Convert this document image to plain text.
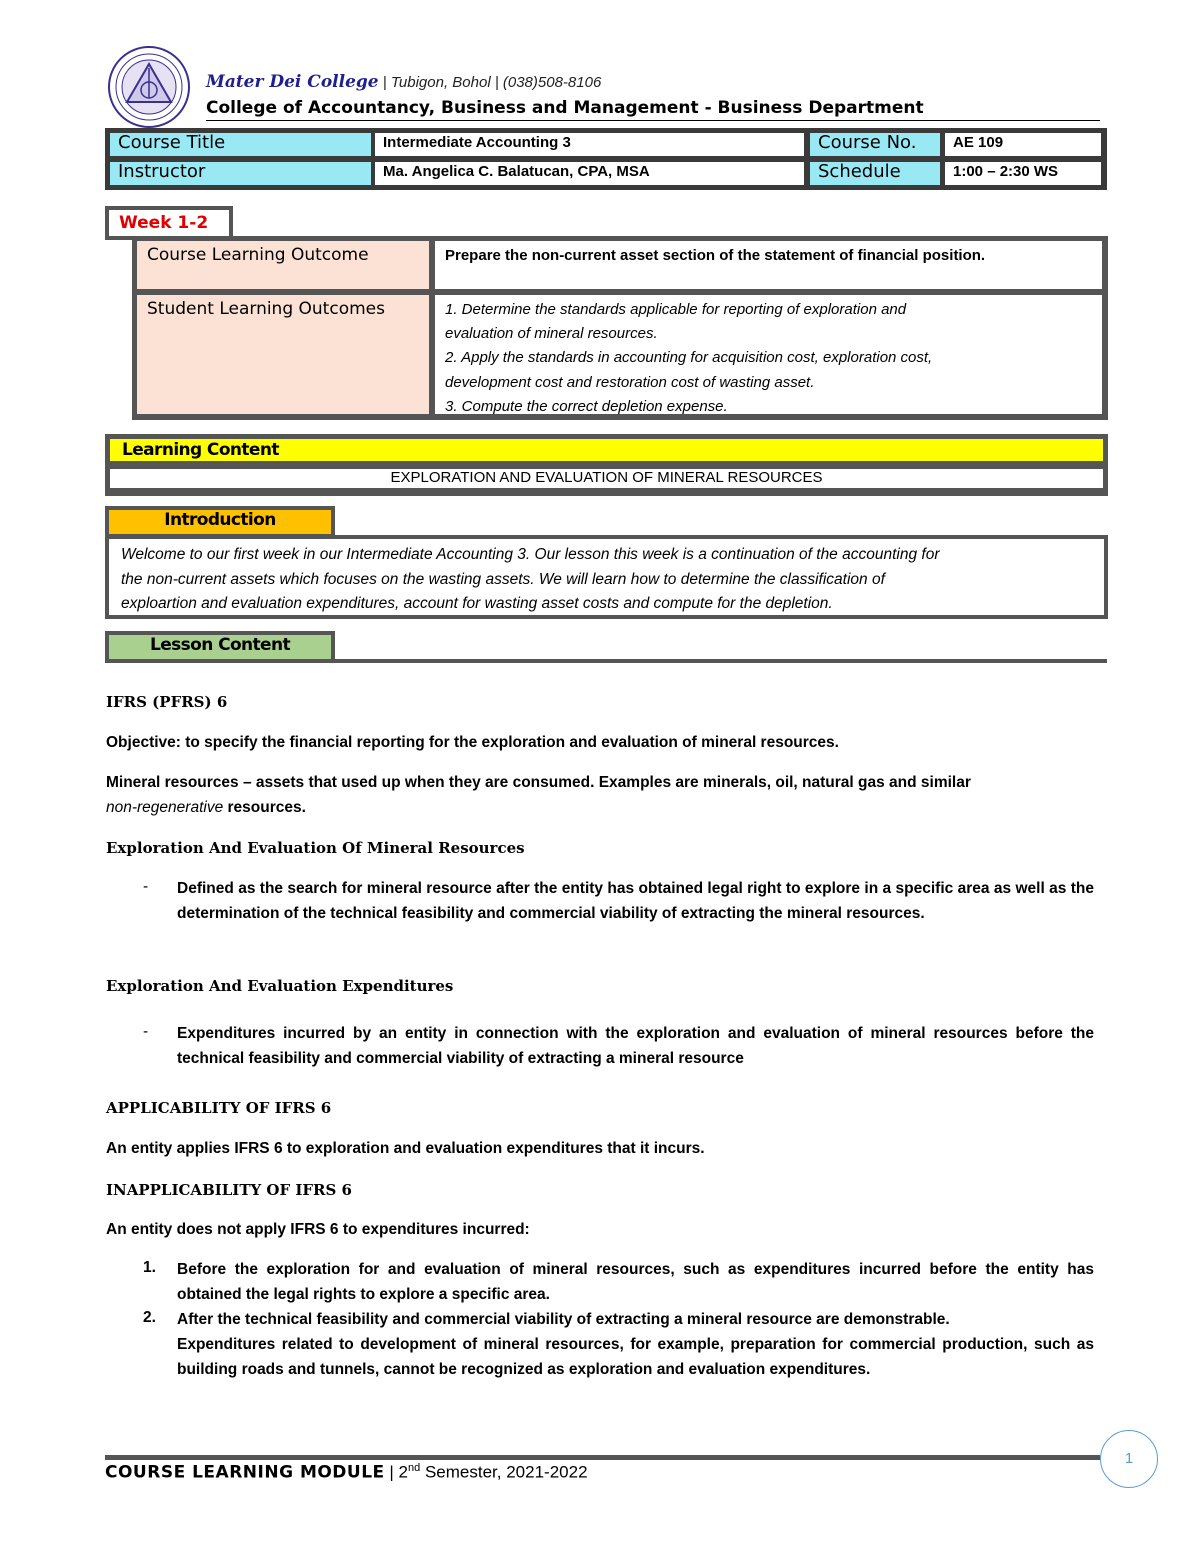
Mater Dei College | Tubigon, Bohol | (038)508-8106
College of Accountancy, Business and Management - Business Department
Course Title	Intermediate Accounting 3	Course No.	AE 109
Instructor	Ma. Angelica C. Balatucan, CPA, MSA	Schedule	1:00 – 2:30 WS
Week 1-2
Course Learning Outcome	Prepare the non-current asset section of the statement of financial position.
Student Learning Outcomes	1. Determine the standards applicable for reporting of exploration and
evaluation of mineral resources.
2. Apply the standards in accounting for acquisition cost, exploration cost,
development cost and restoration cost of wasting asset.
3. Compute the correct depletion expense.
Learning Content
EXPLORATION AND EVALUATION OF MINERAL RESOURCES
Introduction
Welcome to our first week in our Intermediate Accounting 3. Our lesson this week is a continuation of the accounting for
the non-current assets which focuses on the wasting assets. We will learn how to determine the classification of
exploartion and evaluation expenditures, account for wasting asset costs and compute for the depletion.
Lesson Content
IFRS (PFRS) 6
Objective: to specify the financial reporting for the exploration and evaluation of mineral resources.
Mineral resources – assets that used up when they are consumed. Examples are minerals, oil, natural gas and similar
non-regenerative resources.
Exploration And Evaluation Of Mineral Resources
- Defined as the search for mineral resource after the entity has obtained legal right to explore in a specific area as well as the determination of the technical feasibility and commercial viability of extracting the mineral resources.
Exploration And Evaluation Expenditures
- Expenditures incurred by an entity in connection with the exploration and evaluation of mineral resources before the technical feasibility and commercial viability of extracting a mineral resource
APPLICABILITY OF IFRS 6
An entity applies IFRS 6 to exploration and evaluation expenditures that it incurs.
INAPPLICABILITY OF IFRS 6
An entity does not apply IFRS 6 to expenditures incurred:
1. Before the exploration for and evaluation of mineral resources, such as expenditures incurred before the entity has obtained the legal rights to explore a specific area.
2. After the technical feasibility and commercial viability of extracting a mineral resource are demonstrable.
Expenditures related to development of mineral resources, for example, preparation for commercial production, such as building roads and tunnels, cannot be recognized as exploration and evaluation expenditures.
COURSE LEARNING MODULE | 2nd Semester, 2021-2022
1
